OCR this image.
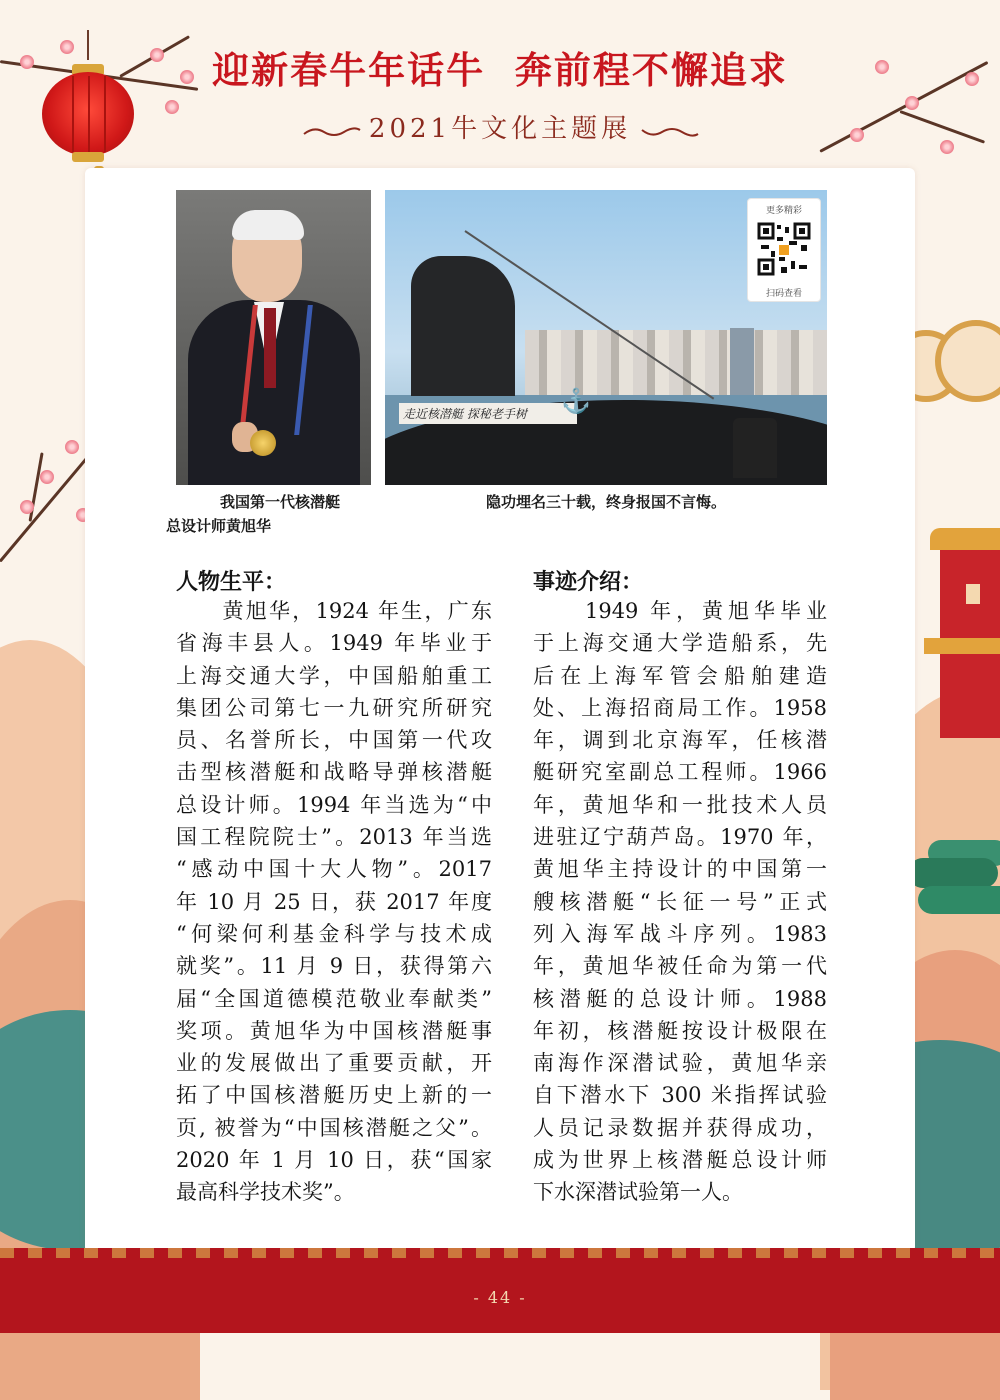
迎新春牛年话牛  奔前程不懈追求
2021牛文化主题展
走近核潜艇 探秘老手树	⚓
更多精彩
扫码查看
我国第一代核潜艇
总设计师黄旭华
隐功埋名三十载，终身报国不言悔。
人物生平：	事迹介绍：
　　黄旭华，1924 年生，广东
省海丰县人。1949 年毕业于
上海交通大学，中国船舶重工
集团公司第七一九研究所研究
员、名誉所长，中国第一代攻
击型核潜艇和战略导弹核潜艇
总设计师。1994 年当选为“中
国工程院院士”。2013 年当选
“感动中国十大人物”。2017
年 10 月 25 日，获 2017 年度
“何梁何利基金科学与技术成
就奖”。11 月 9 日，获得第六
届“全国道德模范敬业奉献类”
奖项。黄旭华为中国核潜艇事
业的发展做出了重要贡献，开
拓了中国核潜艇历史上新的一
页, 被誉为“中国核潜艇之父”。
2020 年 1 月 10 日，获“国家
最高科学技术奖”。
　　1949 年，黄旭华毕业
于上海交通大学造船系，先
后在上海军管会船舶建造
处、上海招商局工作。1958
年，调到北京海军，任核潜
艇研究室副总工程师。1966
年，黄旭华和一批技术人员
进驻辽宁葫芦岛。1970 年，
黄旭华主持设计的中国第一
艘核潜艇“长征一号”正式
列入海军战斗序列。1983
年，黄旭华被任命为第一代
核潜艇的总设计师。1988
年初，核潜艇按设计极限在
南海作深潜试验，黄旭华亲
自下潜水下 300 米指挥试验
人员记录数据并获得成功，
成为世界上核潜艇总设计师
下水深潜试验第一人。
- 44 -
